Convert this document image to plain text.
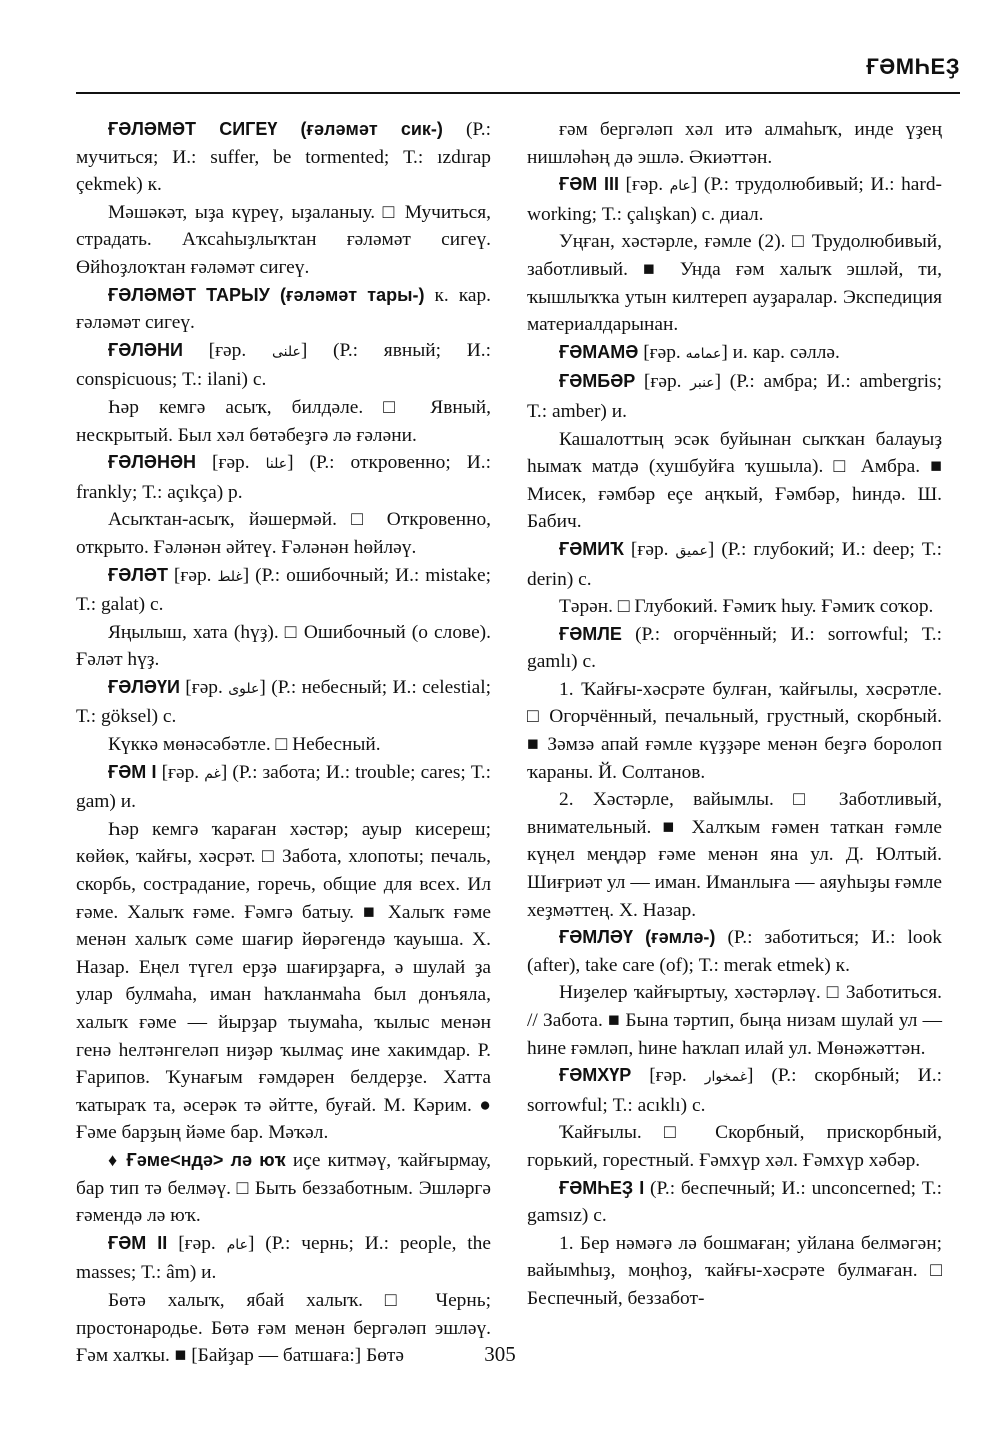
ҒӘМҺЕҘ

ҒӘЛӘМӘТ СИГЕҮ (ғәләмәт сик-) (Р.: мучиться; И.: suffer, be tormented; Т.: ızdırap çekmek) к.

Мәшәкәт, ыҙа күреү, ыҙаланыу. □ Мучиться, страдать. Аҡсаһыҙлыҡтан ғәләмәт сигеү. Өйһоҙлоҡтан ғәләмәт сигеү.

ҒӘЛӘМӘТ ТАРЫУ (ғәләмәт тары-) к. кар. ғәләмәт сигеү.

ҒӘЛӘНИ [ғәр. علنى] (Р.: явный; И.: conspicuous; Т.: ilani) с.

Һәр кемгә асыҡ, билдәле. □ Явный, нескрытый. Был хәл бөтәбеҙгә лә ғәләни.

ҒӘЛӘНӘН [ғәр. علنا] (Р.: откровенно; И.: frankly; Т.: açıkça) р.

Асыҡтан-асыҡ, йәшермәй. □ Откровенно, открыто. Ғәләнән әйтеү. Ғәләнән һөйләү.

ҒӘЛӘТ [ғәр. غلط] (Р.: ошибочный; И.: mistake; Т.: galat) с.

Яңылыш, хата (һүҙ). □ Ошибочный (о слове). Ғәләт һүҙ.

ҒӘЛӘҮИ [ғәр. علوى] (Р.: небесный; И.: celestial; Т.: göksel) с.

Күккә мөнәсәбәтле. □ Небесный.

ҒӘМ I [ғәр. غم] (Р.: забота; И.: trouble; cares; Т.: gam) и.

Һәр кемгә ҡараған хәстәр; ауыр кисереш; көйөк, ҡайғы, хәсрәт. □ Забота, хлопоты; печаль, скорбь, сострадание, горечь, общие для всех. Ил ғәме. Халыҡ ғәме. Ғәмгә батыу. ■ Халыҡ ғәме менән халыҡ сәме шағир йөрәгендә ҡауыша. Х. Назар. Еңел түгел ерҙә шағирҙарға, ә шулай ҙа улар булмаһа, иман һаҡланмаһа был донъяла, халыҡ ғәме — йырҙар тыумаһа, ҡылыс менән генә һелтәнгеләп ниҙәр ҡылмаҫ ине хакимдар. Р. Ғарипов. Ҡунағым ғәмдәрен белдерҙе. Хатта ҡатыраҡ та, әсерәк тә әйтте, буғай. М. Кәрим. ● Ғәме барҙың йәме бар. Мәҡәл.

♦ Ғәме<ндә> лә юҡ иҫе китмәү, ҡайғырмау, бар тип тә белмәү. □ Быть беззаботным. Эшләргә ғәмендә лә юҡ.

ҒӘМ II [ғәр. عام] (Р.: чернь; И.: people, the masses; Т.: âm) и.

Бөтә халыҡ, ябай халыҡ. □ Чернь; простонародье. Бөтә ғәм менән бергәләп эшләү. Ғәм халҡы. ■ [Байҙар — батшаға:] Бөтә

ғәм бергәләп хәл итә алмаһыҡ, инде үҙең нишләһәң дә эшлә. Әкиәттән.

ҒӘМ III [ғәр. عام] (Р.: трудолюбивый; И.: hard-working; Т.: çalışkan) с. диал.

Уңған, хәстәрле, ғәмле (2). □ Трудолюбивый, заботливый. ■ Унда ғәм халыҡ эшләй, ти, ҡышлыҡҡа утын килтереп ауҙаралар. Экспедиция материалдарынан.

ҒӘМАМӘ [ғәр. عمامه] и. кар. сәллә.

ҒӘМБӘР [ғәр. عنبر] (Р.: амбра; И.: ambergris; Т.: amber) и.

Кашалоттың эсәк буйынан сыҡҡан балауыҙ һымаҡ матдә (хушбуйға ҡушыла). □ Амбра. ■ Мисек, ғәмбәр еҫе аңҡый, Ғәмбәр, һиндә. Ш. Бабич.

ҒӘМИҠ [ғәр. عميق] (Р.: глубокий; И.: deep; Т.: derin) с.

Тәрән. □ Глубокий. Ғәмиҡ һыу. Ғәмиҡ соҡор.

ҒӘМЛЕ (Р.: огорчённый; И.: sorrowful; Т.: gamlı) с.

1. Ҡайғы-хәсрәте булған, ҡайғылы, хәсрәтле. □ Огорчённый, печальный, грустный, скорбный. ■ Зәмзә апай ғәмле күҙҙәре менән беҙгә боролоп ҡараны. Й. Солтанов.

2. Хәстәрле, вайымлы. □ Заботливый, внимательный. ■ Халҡым ғәмен таткан ғәмле күңел меңдәр ғәме менән яна ул. Д. Юлтый. Шиғриәт ул — иман. Иманлыға — аяуһыҙы ғәмле хеҙмәттең. Х. Назар.

ҒӘМЛӘҮ (ғәмлә-) (Р.: заботиться; И.: look (after), take care (of); Т.: merak etmek) к.

Ниҙелер ҡайғыртыу, хәстәрләү. □ Заботиться. // Забота. ■ Бына тәртип, быңа низам шулай ул — һине ғәмләп, һине һаҡлап илай ул. Мөнәжәттән.

ҒӘМХҮР [ғәр. غمخوار] (Р.: скорбный; И.: sorrowful; Т.: acıklı) с.

Ҡайғылы. □ Скорбный, прискорбный, горький, горестный. Ғәмхүр хәл. Ғәмхүр хәбәр.

ҒӘМҺЕҘ I (Р.: беспечный; И.: unconcerned; Т.: gamsız) с.

1. Бер нәмәгә лә бошмаған; уйлана белмәгән; вайымһыҙ, моңһоҙ, ҡайғы-хәсрәте булмаған. □ Беспечный, беззабот-

305
